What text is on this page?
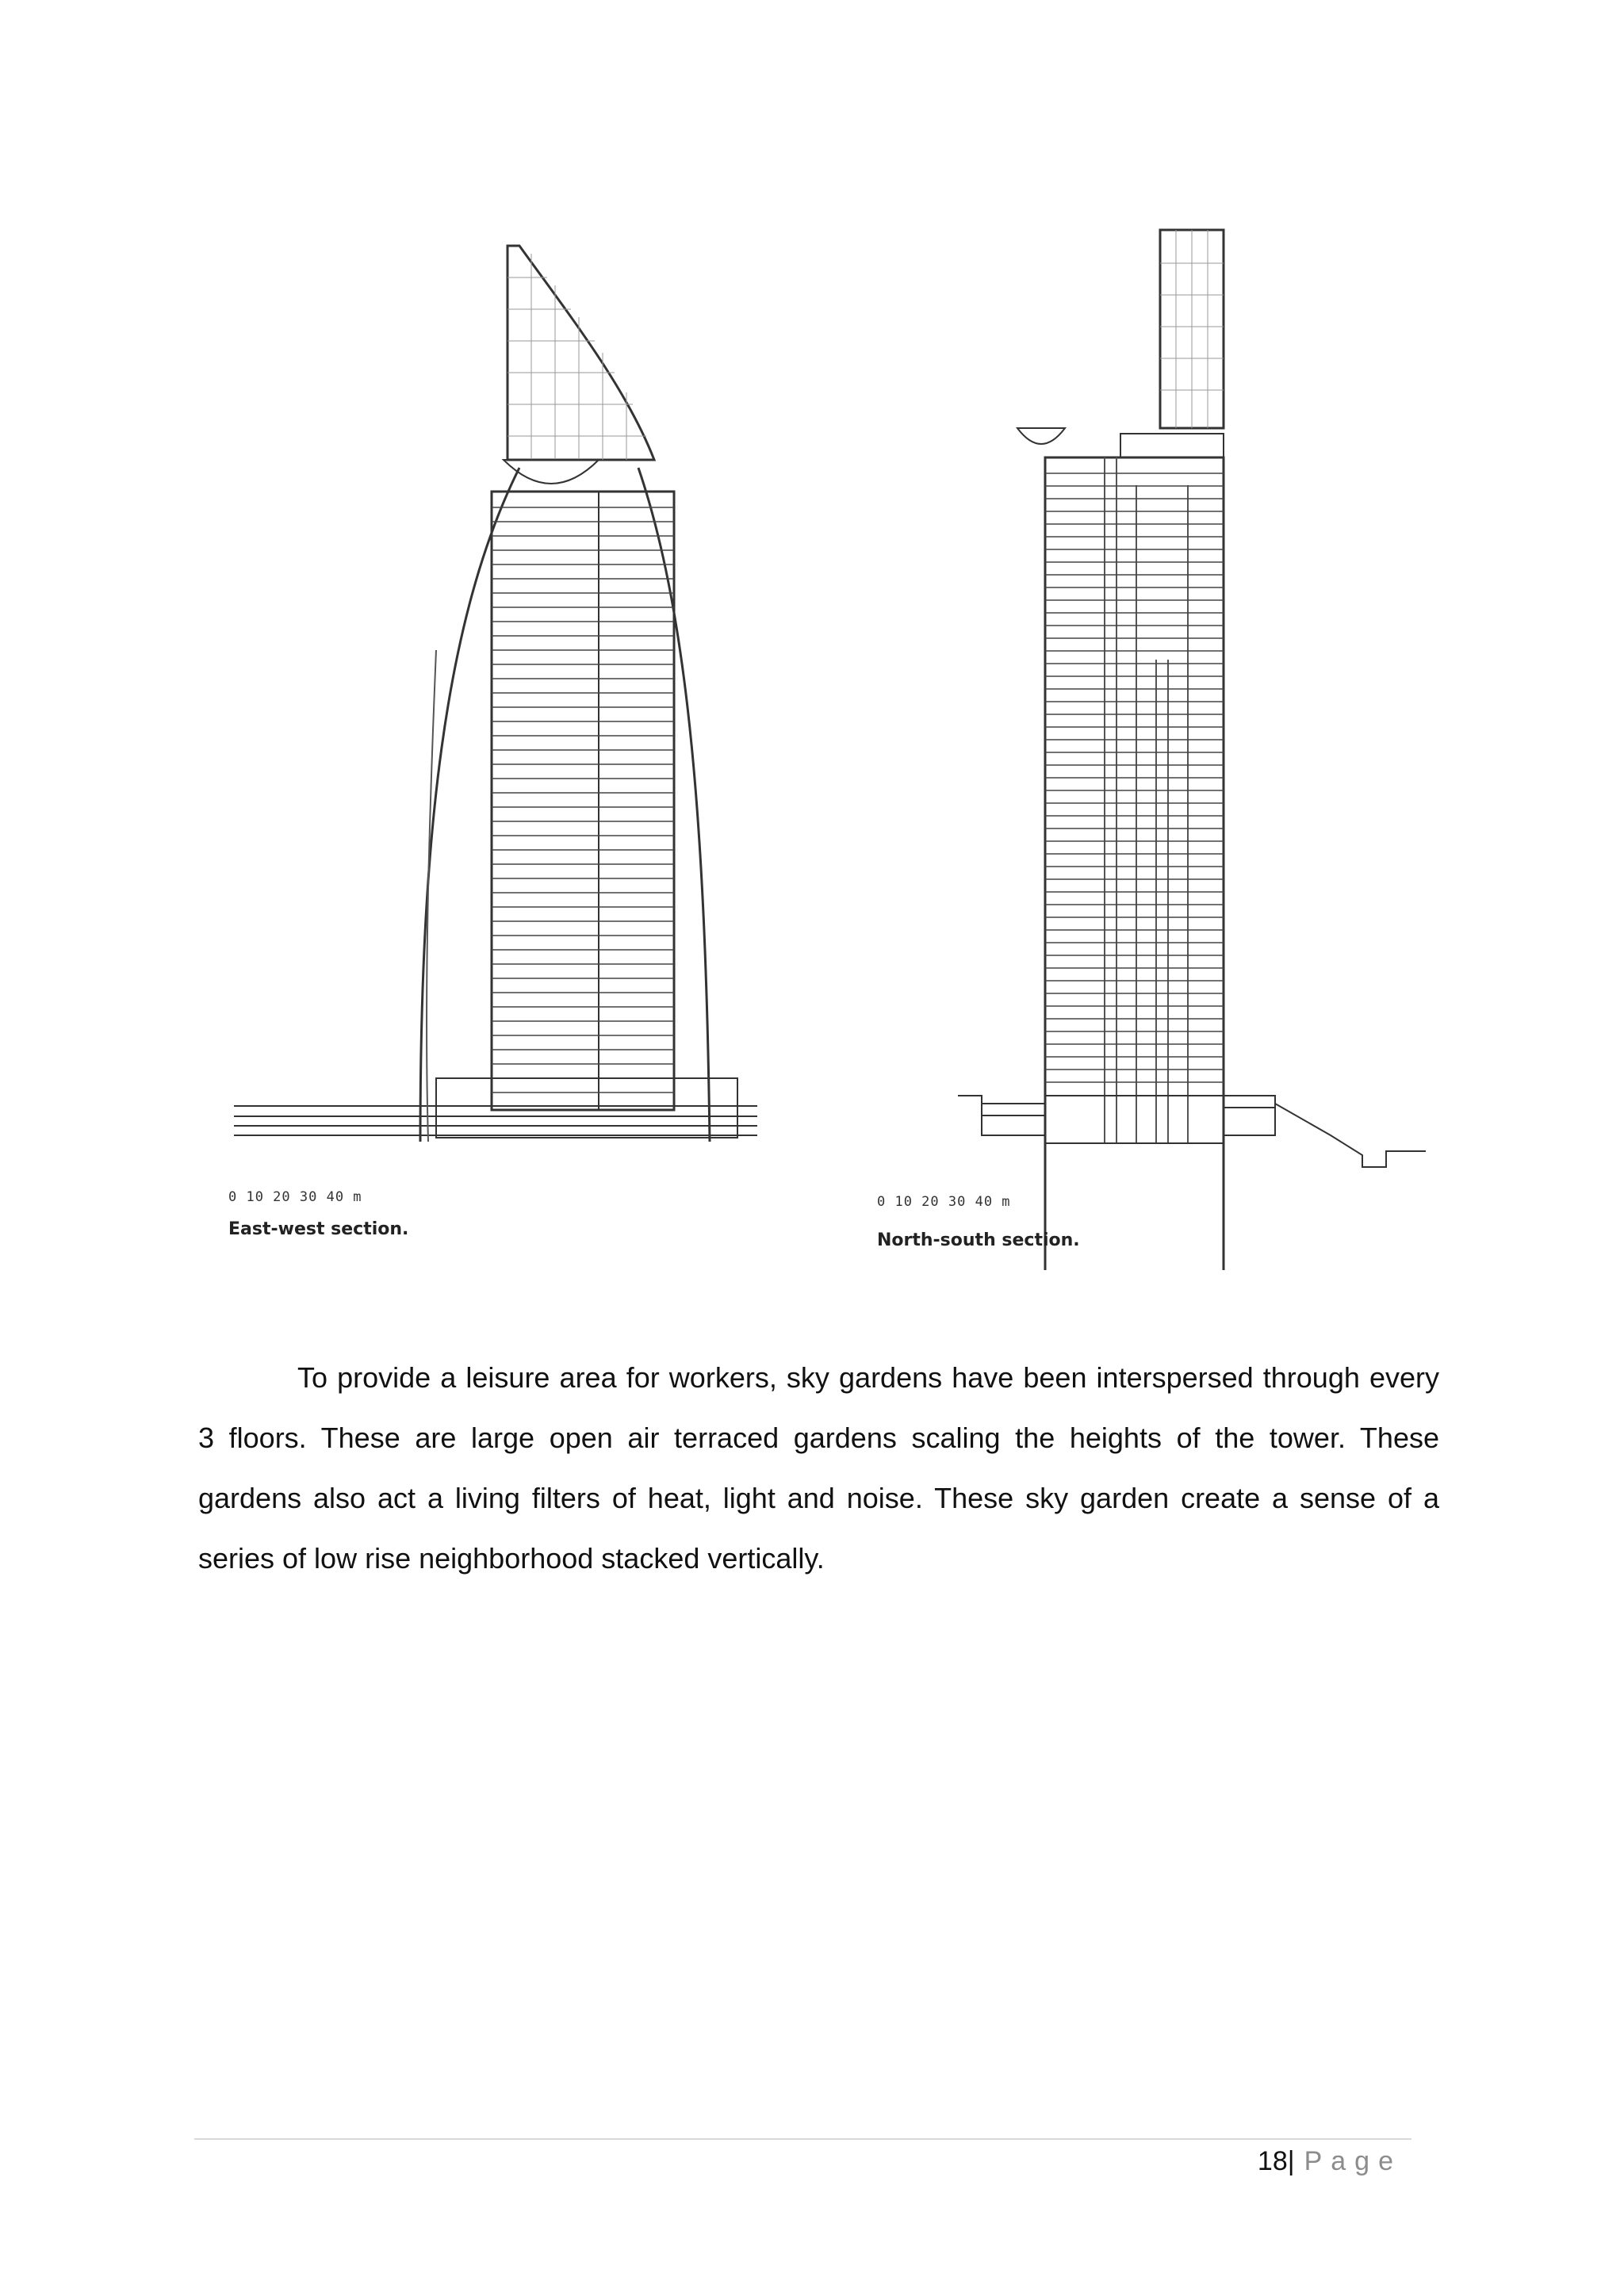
0 10 20 30 40 m
East-west section.
0 10 20 30 40 m
North-south section.

To provide a leisure area for workers, sky gardens have been interspersed through every 3 floors. These are large open air terraced gardens scaling the heights of the tower. These gardens also act a living filters of heat, light and noise. These sky garden create a sense of a series of low rise neighborhood stacked vertically.

18| Page
